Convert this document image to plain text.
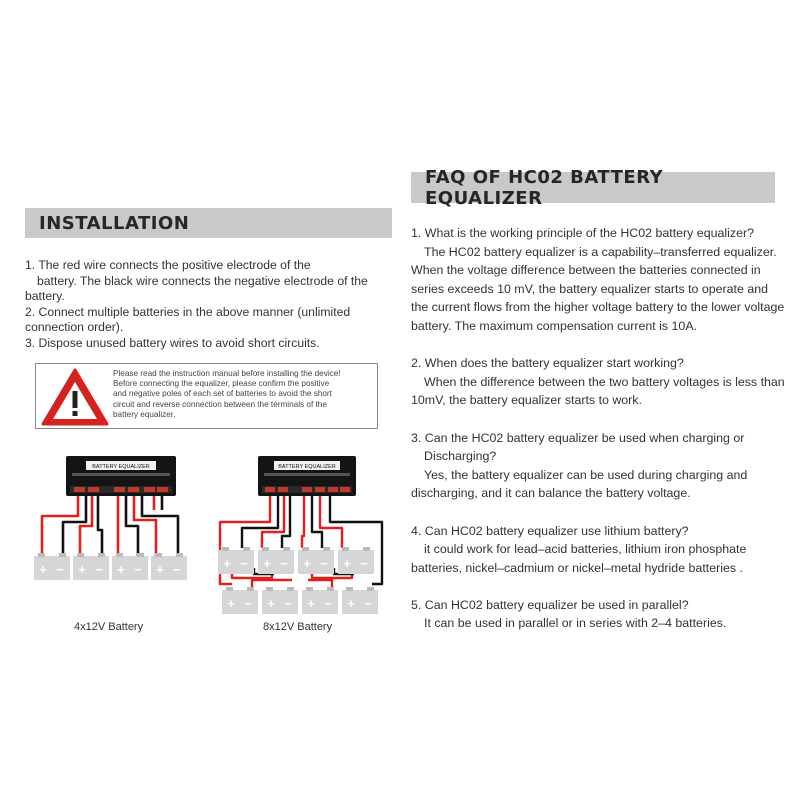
INSTALLATION

1. The red wire connects the positive electrode of the

battery. The black wire connects the negative electrode of the

battery.

2. Connect multiple batteries in the above manner (unlimited

connection order).

3. Dispose unused battery wires to avoid short circuits.

Please read the instruction manual before installing the device!
Before connecting the equalizer, please confirm the positive
and negative poles of each set of batteries to avoid the short
circuit and reverse connection between the terminals of the
battery equalizer.
BATTERY EQUALIZER
+ − + − + − + −
4x12V Battery
BATTERY EQUALIZER
+ − + − + − + −
+ − + − + − + −
8x12V Battery
FAQ OF HC02 BATTERY EQUALIZER

1. What is the working principle of the HC02 battery equalizer?

The HC02 battery equalizer is a capability–transferred equalizer.

When the voltage difference between the batteries connected in

series exceeds 10 mV, the battery equalizer starts to operate and

the current flows from the higher voltage battery to the lower voltage

battery. The maximum compensation current is 10A.

2. When does the battery equalizer start working?

When the difference between the two battery voltages is less than

10mV, the battery equalizer starts to work.

3. Can the HC02 battery equalizer be used when charging or

Discharging?

Yes, the battery equalizer can be used during charging and

discharging, and it can balance the battery voltage.

4. Can HC02 battery equalizer use lithium battery?

it could work for lead–acid batteries, lithium iron phosphate

batteries, nickel–cadmium or nickel–metal hydride batteries .

5. Can HC02 battery equalizer be used in parallel?

It can be used in parallel or in series with 2–4 batteries.
